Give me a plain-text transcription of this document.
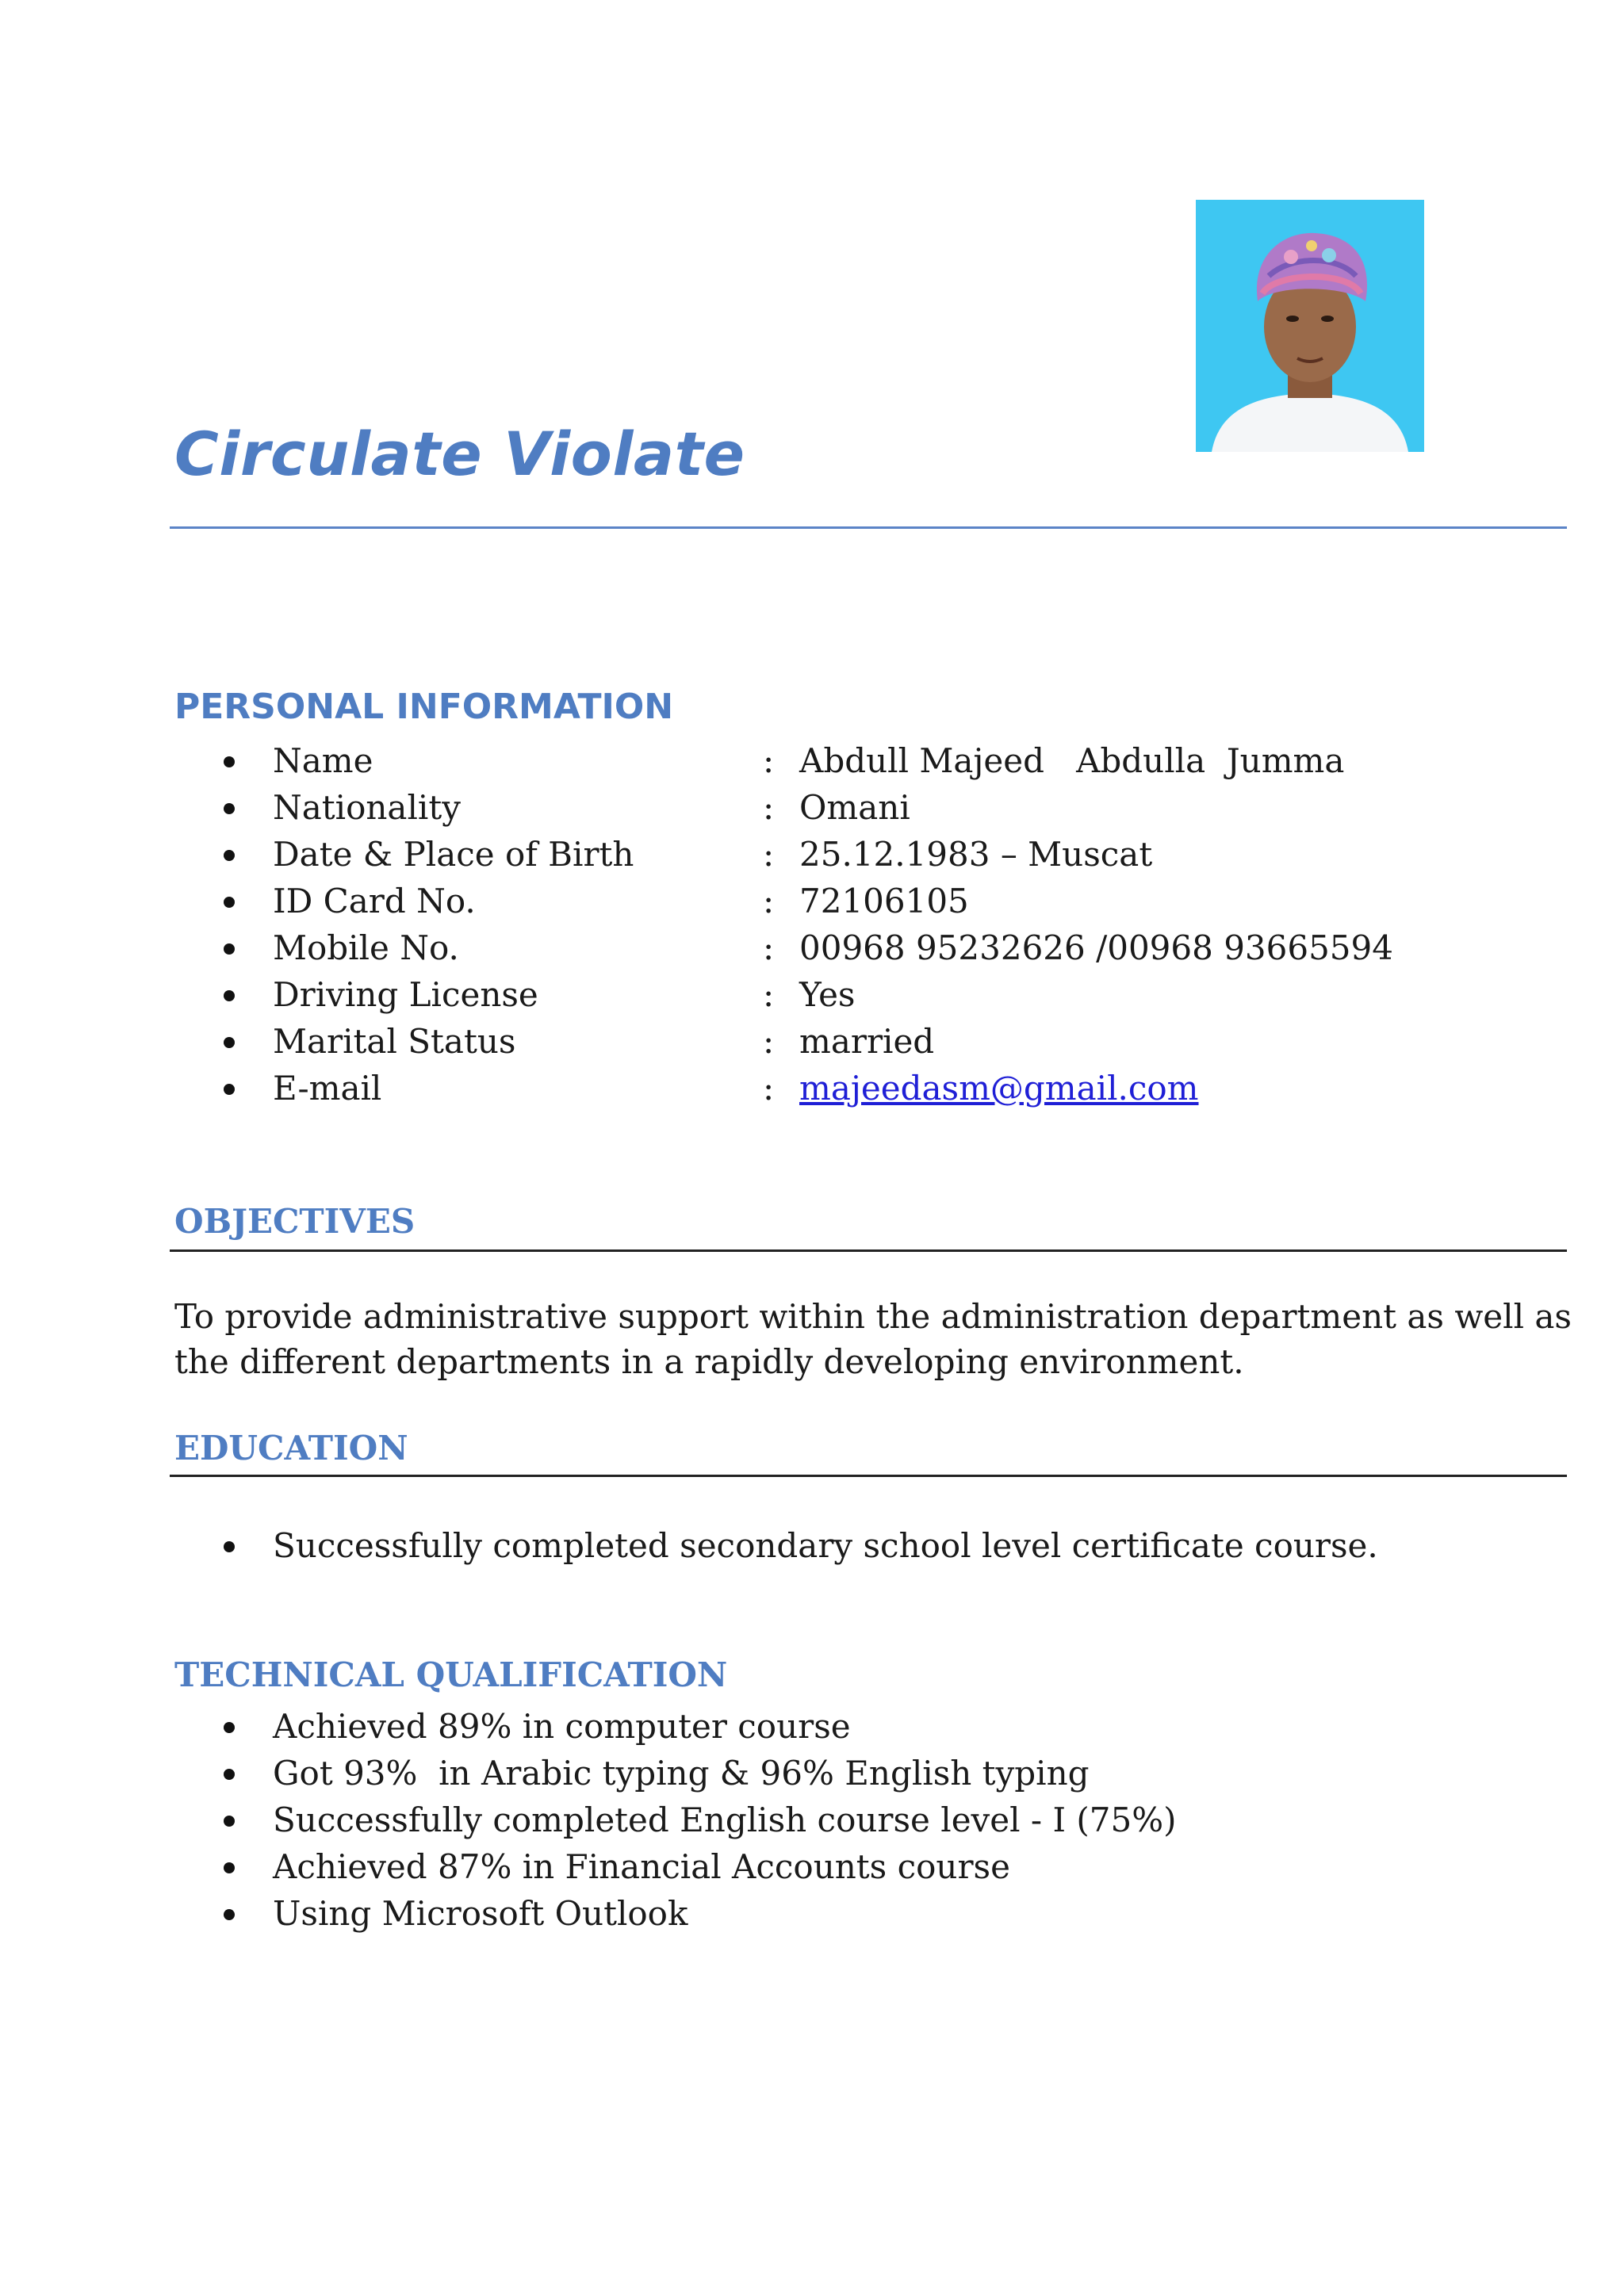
Circulate Violate
PERSONAL INFORMATION
Name	: Abdull Majeed   Abdulla  Jumma
Nationality	: Omani
Date & Place of Birth	: 25.12.1983 – Muscat
ID Card No.	: 72106105
Mobile No.	: 00968 95232626 /00968 93665594
Driving License	: Yes
Marital Status	: married
E-mail	: majeedasm@gmail.com
OBJECTIVES
To provide administrative support within the administration department as well as
the different departments in a rapidly developing environment.
EDUCATION
Successfully completed secondary school level certificate course.
TECHNICAL QUALIFICATION
Achieved 89% in computer course
Got 93%  in Arabic typing & 96% English typing
Successfully completed English course level - I (75%)
Achieved 87% in Financial Accounts course
Using Microsoft Outlook
